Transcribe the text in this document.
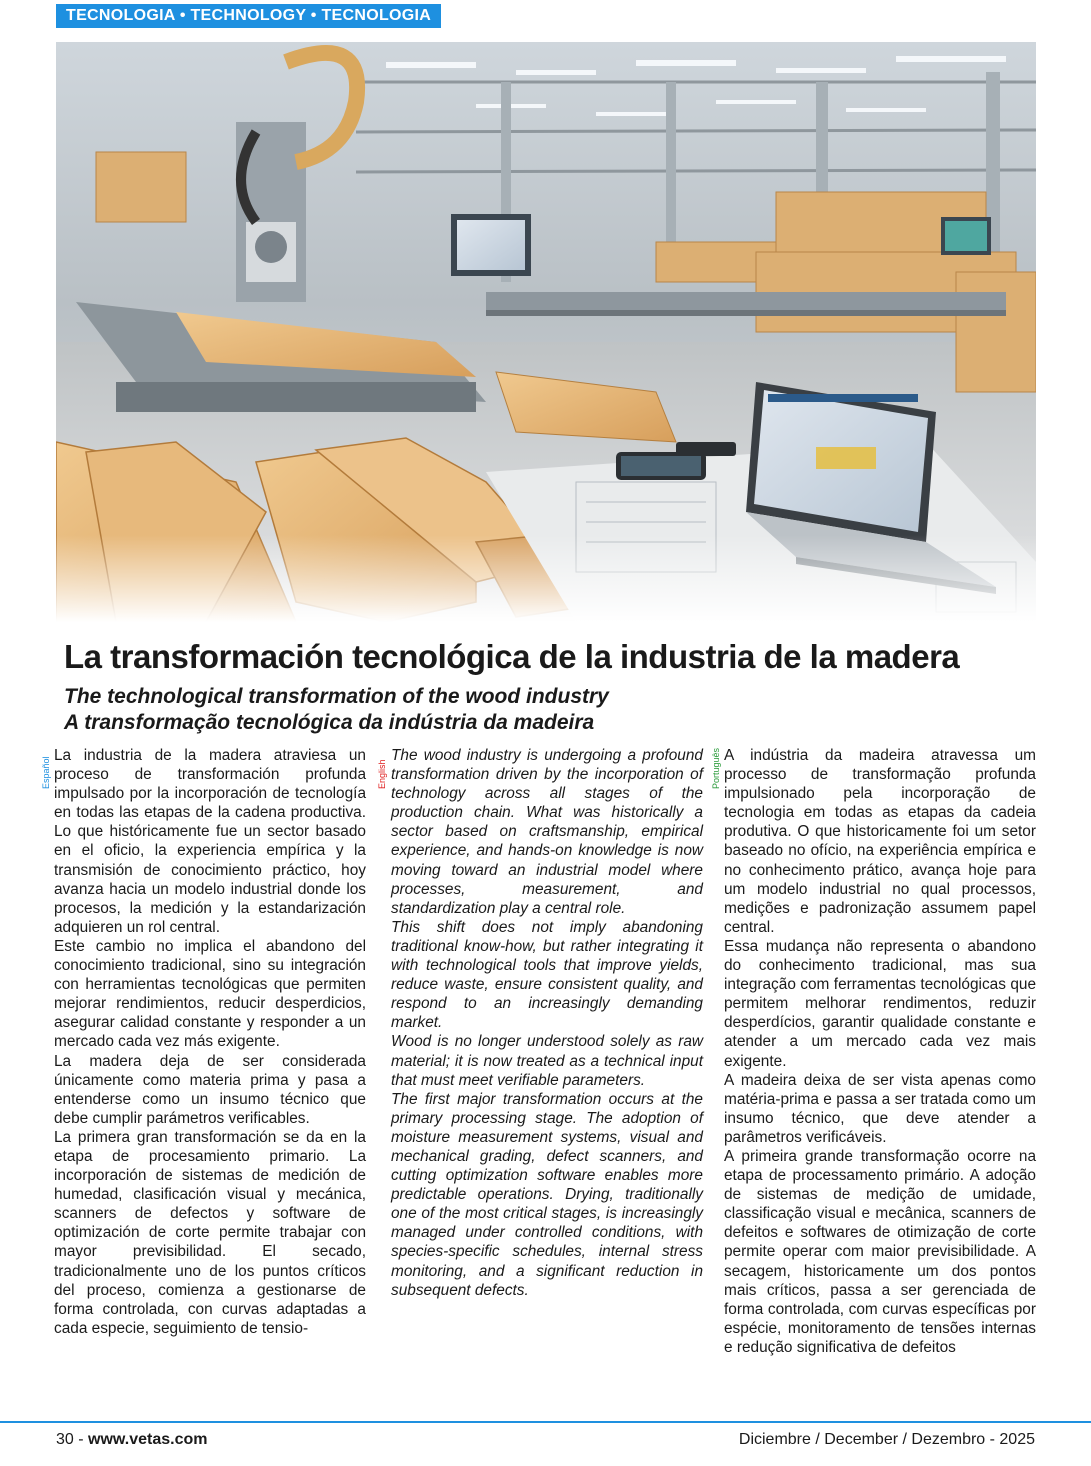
TECNOLOGIA • TECHNOLOGY • TECNOLOGIA
La transformación tecnológica de la industria de la madera
The technological transformation of the wood industry
A transformação tecnológica da indústria da madeira
Español	English	Português

La industria de la madera atraviesa un proceso de transformación profunda impulsado por la incorporación de tecnología en todas las etapas de la cadena productiva. Lo que históricamente fue un sector basado en el oficio, la experiencia empírica y la transmisión de conocimiento práctico, hoy avanza hacia un modelo industrial donde los procesos, la medición y la estandarización adquieren un rol central.

Este cambio no implica el abandono del conocimiento tradicional, sino su integración con herramientas tecnológicas que permiten mejorar rendimientos, reducir desperdicios, asegurar calidad constante y responder a un mercado cada vez más exigente.

La madera deja de ser considerada únicamente como materia prima y pasa a entenderse como un insumo técnico que debe cumplir parámetros verificables.

La primera gran transformación se da en la etapa de procesamiento primario. La incorporación de sistemas de medición de humedad, clasificación visual y mecánica, scanners de defectos y software de optimización de corte permite trabajar con mayor previsibilidad. El secado, tradicionalmente uno de los puntos críticos del proceso, comienza a gestionarse de forma controlada, con curvas adaptadas a cada especie, seguimiento de tensio-

The wood industry is undergoing a profound transformation driven by the incorporation of technology across all stages of the production chain. What was historically a sector based on craftsmanship, empirical experience, and hands-on knowledge is now moving toward an industrial model where processes, measurement, and standardization play a central role.

This shift does not imply abandoning traditional know-how, but rather integrating it with technological tools that improve yields, reduce waste, ensure consistent quality, and respond to an increasingly demanding market.

Wood is no longer understood solely as raw material; it is now treated as a technical input that must meet verifiable parameters.

The first major transformation occurs at the primary processing stage. The adoption of moisture measurement systems, visual and mechanical grading, defect scanners, and cutting optimization software enables more predictable operations. Drying, traditionally one of the most critical stages, is increasingly managed under controlled conditions, with species-specific schedules, internal stress monitoring, and a significant reduction in subsequent defects.

A indústria da madeira atravessa um processo de transformação profunda impulsionado pela incorporação de tecnologia em todas as etapas da cadeia produtiva. O que historicamente foi um setor baseado no ofício, na experiência empírica e no conhecimento prático, avança hoje para um modelo industrial no qual processos, medições e padronização assumem papel central.

Essa mudança não representa o abandono do conhecimento tradicional, mas sua integração com ferramentas tecnológicas que permitem melhorar rendimentos, reduzir desperdícios, garantir qualidade constante e atender a um mercado cada vez mais exigente.

A madeira deixa de ser vista apenas como matéria-prima e passa a ser tratada como um insumo técnico, que deve atender a parâmetros verificáveis.

A primeira grande transformação ocorre na etapa de processamento primário. A adoção de sistemas de medição de umidade, classificação visual e mecânica, scanners de defeitos e softwares de otimização de corte permite operar com maior previsibilidade. A secagem, historicamente um dos pontos mais críticos, passa a ser gerenciada de forma controlada, com curvas específicas por espécie, monitoramento de tensões internas e redução significativa de defeitos

30 - www.vetas.com	Diciembre / December / Dezembro - 2025
